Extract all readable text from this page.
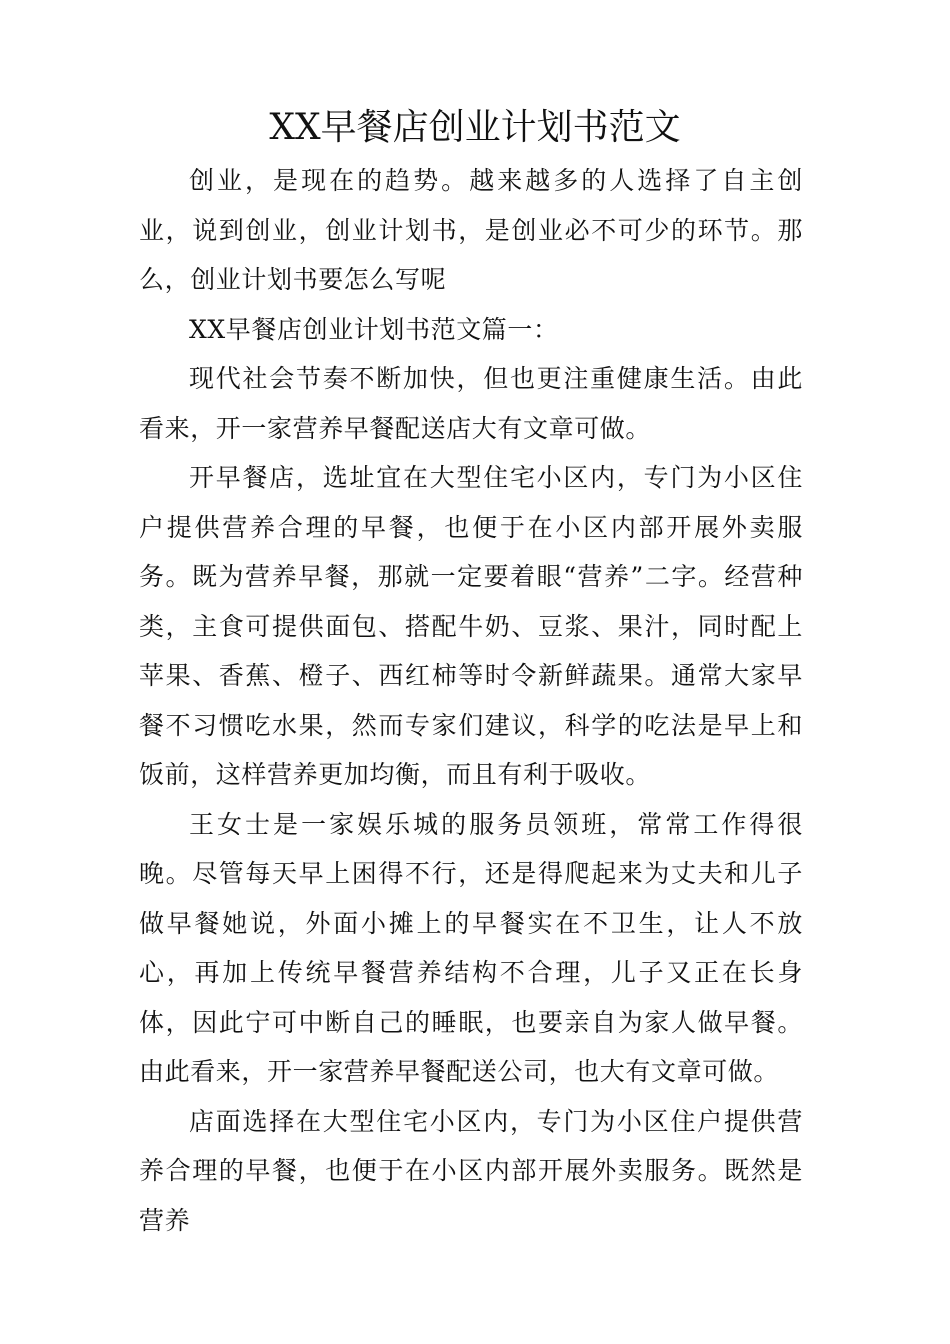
XX早餐店创业计划书范文

创业，是现在的趋势。越来越多的人选择了自主创业，说到创业，创业计划书，是创业必不可少的环节。那么，创业计划书要怎么写呢

XX早餐店创业计划书范文篇一：

现代社会节奏不断加快，但也更注重健康生活。由此看来，开一家营养早餐配送店大有文章可做。

开早餐店，选址宜在大型住宅小区内，专门为小区住户提供营养合理的早餐，也便于在小区内部开展外卖服务。既为营养早餐，那就一定要着眼“营养”二字。经营种类，主食可提供面包、搭配牛奶、豆浆、果汁，同时配上苹果、香蕉、橙子、西红柿等时令新鲜蔬果。通常大家早餐不习惯吃水果，然而专家们建议，科学的吃法是早上和饭前，这样营养更加均衡，而且有利于吸收。

王女士是一家娱乐城的服务员领班，常常工作得很晚。尽管每天早上困得不行，还是得爬起来为丈夫和儿子做早餐她说，外面小摊上的早餐实在不卫生，让人不放心，再加上传统早餐营养结构不合理，儿子又正在长身体，因此宁可中断自己的睡眠，也要亲自为家人做早餐。由此看来，开一家营养早餐配送公司，也大有文章可做。

店面选择在大型住宅小区内，专门为小区住户提供营养合理的早餐，也便于在小区内部开展外卖服务。既然是营养
